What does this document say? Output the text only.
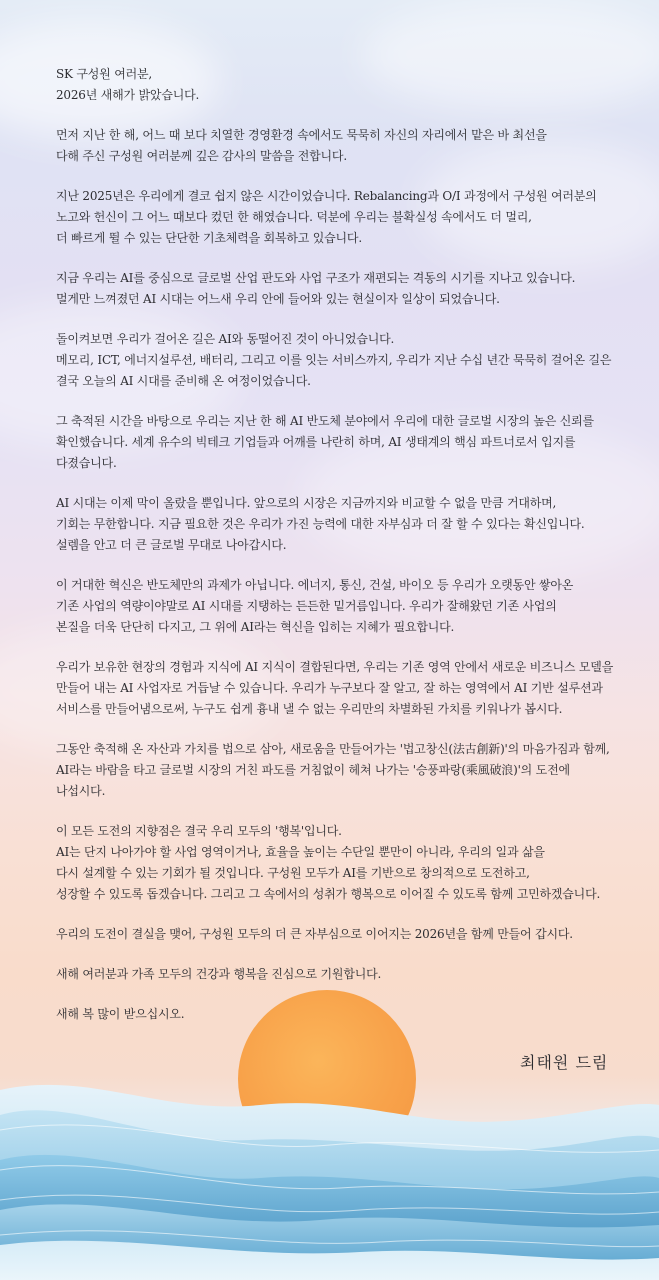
SK 구성원 여러분,
2026년 새해가 밝았습니다.
먼저 지난 한 해, 어느 때 보다 치열한 경영환경 속에서도 묵묵히 자신의 자리에서 맡은 바 최선을
다해 주신 구성원 여러분께 깊은 감사의 말씀을 전합니다.
지난 2025년은 우리에게 결코 쉽지 않은 시간이었습니다. Rebalancing과 O/I 과정에서 구성원 여러분의
노고와 헌신이 그 어느 때보다 컸던 한 해였습니다. 덕분에 우리는 불확실성 속에서도 더 멀리,
더 빠르게 뛸 수 있는 단단한 기초체력을 회복하고 있습니다.
지금 우리는 AI를 중심으로 글로벌 산업 판도와 사업 구조가 재편되는 격동의 시기를 지나고 있습니다.
멀게만 느껴졌던 AI 시대는 어느새 우리 안에 들어와 있는 현실이자 일상이 되었습니다.
돌이켜보면 우리가 걸어온 길은 AI와 동떨어진 것이 아니었습니다.
메모리, ICT, 에너지설루션, 배터리, 그리고 이를 잇는 서비스까지, 우리가 지난 수십 년간 묵묵히 걸어온 길은
결국 오늘의 AI 시대를 준비해 온 여정이었습니다.
그 축적된 시간을 바탕으로 우리는 지난 한 해 AI 반도체 분야에서 우리에 대한 글로벌 시장의 높은 신뢰를
확인했습니다. 세계 유수의 빅테크 기업들과 어깨를 나란히 하며, AI 생태계의 핵심 파트너로서 입지를
다졌습니다.
AI 시대는 이제 막이 올랐을 뿐입니다. 앞으로의 시장은 지금까지와 비교할 수 없을 만큼 거대하며,
기회는 무한합니다. 지금 필요한 것은 우리가 가진 능력에 대한 자부심과 더 잘 할 수 있다는 확신입니다.
설렘을 안고 더 큰 글로벌 무대로 나아갑시다.
이 거대한 혁신은 반도체만의 과제가 아닙니다. 에너지, 통신, 건설, 바이오 등 우리가 오랫동안 쌓아온
기존 사업의 역량이야말로 AI 시대를 지탱하는 든든한 밑거름입니다. 우리가 잘해왔던 기존 사업의
본질을 더욱 단단히 다지고, 그 위에 AI라는 혁신을 입히는 지혜가 필요합니다.
우리가 보유한 현장의 경험과 지식에 AI 지식이 결합된다면, 우리는 기존 영역 안에서 새로운 비즈니스 모델을
만들어 내는 AI 사업자로 거듭날 수 있습니다. 우리가 누구보다 잘 알고, 잘 하는 영역에서 AI 기반 설루션과
서비스를 만들어냄으로써, 누구도 쉽게 흉내 낼 수 없는 우리만의 차별화된 가치를 키워나가 봅시다.
그동안 축적해 온 자산과 가치를 법으로 삼아, 새로움을 만들어가는 '법고창신(法古創新)'의 마음가짐과 함께,
AI라는 바람을 타고 글로벌 시장의 거친 파도를 거침없이 헤쳐 나가는 '승풍파랑(乘風破浪)'의 도전에
나섭시다.
이 모든 도전의 지향점은 결국 우리 모두의 '행복'입니다.
AI는 단지 나아가야 할 사업 영역이거나, 효율을 높이는 수단일 뿐만이 아니라, 우리의 일과 삶을
다시 설계할 수 있는 기회가 될 것입니다. 구성원 모두가 AI를 기반으로 창의적으로 도전하고,
성장할 수 있도록 돕겠습니다. 그리고 그 속에서의 성취가 행복으로 이어질 수 있도록 함께 고민하겠습니다.
우리의 도전이 결실을 맺어, 구성원 모두의 더 큰 자부심으로 이어지는 2026년을 함께 만들어 갑시다.
새해 여러분과 가족 모두의 건강과 행복을 진심으로 기원합니다.
새해 복 많이 받으십시오.
최태원 드림
